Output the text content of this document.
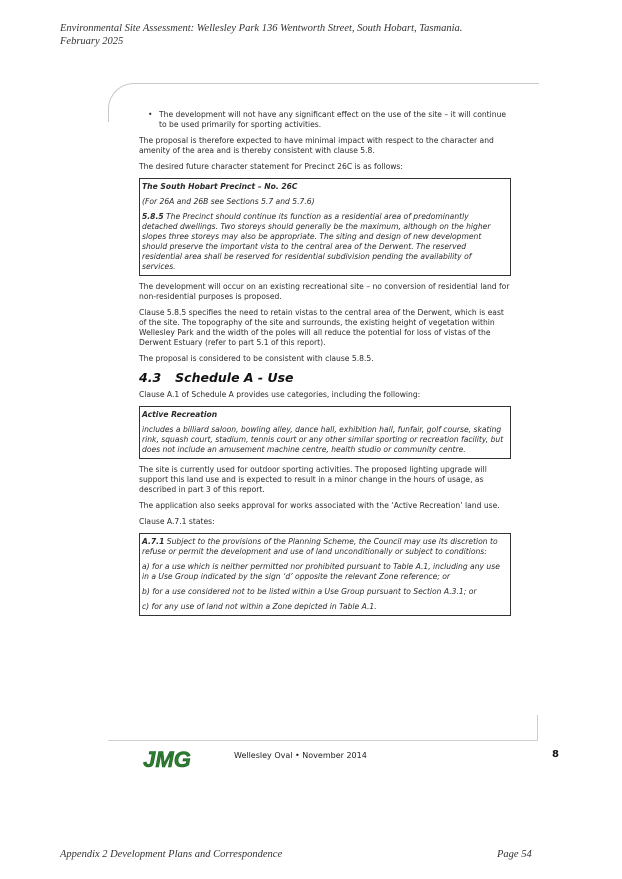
Environmental Site Assessment: Wellesley Park 136 Wentworth Street, South Hobart, Tasmania.
February 2025
• The development will not have any significant effect on the use of the site – it will continue to be used primarily for sporting activities.

The proposal is therefore expected to have minimal impact with respect to the character and amenity of the area and is thereby consistent with clause 5.8.

The desired future character statement for Precinct 26C is as follows:

The South Hobart Precinct – No. 26C
(For 26A and 26B see Sections 5.7 and 5.7.6)
5.8.5 The Precinct should continue its function as a residential area of predominantly detached dwellings. Two storeys should generally be the maximum, although on the higher slopes three storeys may also be appropriate. The siting and design of new development should preserve the important vista to the central area of the Derwent. The reserved residential area shall be reserved for residential subdivision pending the availability of services.

The development will occur on an existing recreational site – no conversion of residential land for non-residential purposes is proposed.

Clause 5.8.5 specifies the need to retain vistas to the central area of the Derwent, which is east of the site. The topography of the site and surrounds, the existing height of vegetation within Wellesley Park and the width of the poles will all reduce the potential for loss of vistas of the Derwent Estuary (refer to part 5.1 of this report).

The proposal is considered to be consistent with clause 5.8.5.

4.3 Schedule A - Use

Clause A.1 of Schedule A provides use categories, including the following:

Active Recreation
includes a billiard saloon, bowling alley, dance hall, exhibition hall, funfair, golf course, skating rink, squash court, stadium, tennis court or any other similar sporting or recreation facility, but does not include an amusement machine centre, health studio or community centre.

The site is currently used for outdoor sporting activities. The proposed lighting upgrade will support this land use and is expected to result in a minor change in the hours of usage, as described in part 3 of this report.

The application also seeks approval for works associated with the ‘Active Recreation’ land use.

Clause A.7.1 states:

A.7.1 Subject to the provisions of the Planning Scheme, the Council may use its discretion to refuse or permit the development and use of land unconditionally or subject to conditions:
a) for a use which is neither permitted nor prohibited pursuant to Table A.1, including any use in a Use Group indicated by the sign ‘d’ opposite the relevant Zone reference; or
b) for a use considered not to be listed within a Use Group pursuant to Section A.3.1; or
c) for any use of land not within a Zone depicted in Table A.1.
JMG	Wellesley Oval • November 2014	8
Appendix 2 Development Plans and Correspondence	Page 54
